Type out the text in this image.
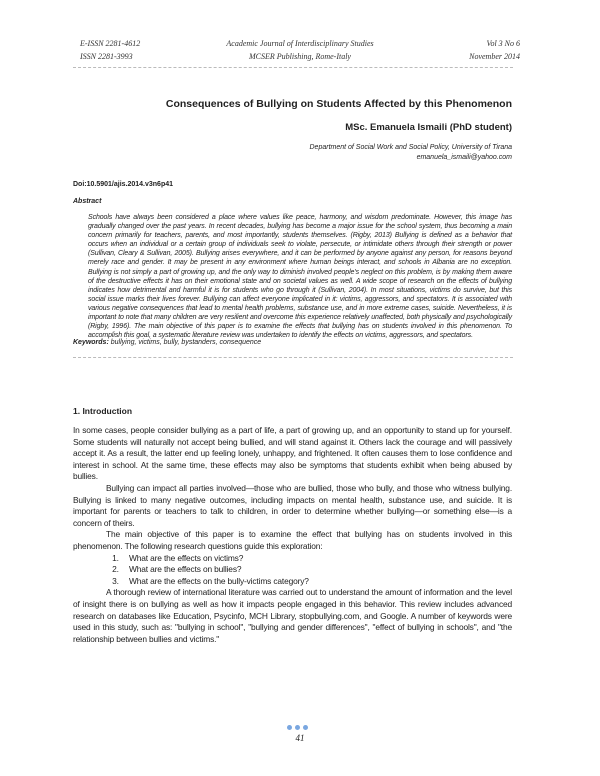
E-ISSN 2281-4612
ISSN 2281-3993
Academic Journal of Interdisciplinary Studies
MCSER Publishing, Rome-Italy
Vol 3 No 6
November 2014
Consequences of Bullying on Students Affected by this Phenomenon
MSc. Emanuela Ismaili (PhD student)
Department of Social Work and Social Policy, University of Tirana
emanuela_ismaili@yahoo.com
Doi:10.5901/ajis.2014.v3n6p41
Abstract
Schools have always been considered a place where values like peace, harmony, and wisdom predominate. However, this image has gradually changed over the past years. In recent decades, bullying has become a major issue for the school system, thus becoming a main concern primarily for teachers, parents, and most importantly, students themselves. (Rigby, 2013) Bullying is defined as a behavior that occurs when an individual or a certain group of individuals seek to violate, persecute, or intimidate others through their strength or power (Sullivan, Cleary & Sullivan, 2005). Bullying arises everywhere, and it can be performed by anyone against any person, for reasons beyond merely race and gender. It may be present in any environment where human beings interact, and schools in Albania are no exception. Bullying is not simply a part of growing up, and the only way to diminish involved people's neglect on this problem, is by making them aware of the destructive effects it has on their emotional state and on societal values as well. A wide scope of research on the effects of bullying indicates how detrimental and harmful it is for students who go through it (Sullivan, 2004). In most situations, victims do survive, but this social issue marks their lives forever. Bullying can affect everyone implicated in it: victims, aggressors, and spectators. It is associated with various negative consequences that lead to mental health problems, substance use, and in more extreme cases, suicide. Nevertheless, it is important to note that many children are very resilient and overcome this experience relatively unaffected, both physically and psychologically (Rigby, 1996). The main objective of this paper is to examine the effects that bullying has on students involved in this phenomenon. To accomplish this goal, a systematic literature review was undertaken to identify the effects on victims, aggressors, and spectators.
Keywords: bullying, victims, bully, bystanders, consequence
1. Introduction

In some cases, people consider bullying as a part of life, a part of growing up, and an opportunity to stand up for yourself. Some students will naturally not accept being bullied, and will stand against it. Others lack the courage and will passively accept it. As a result, the latter end up feeling lonely, unhappy, and frightened. It often causes them to lose confidence and interest in school. At the same time, these effects may also be symptoms that students exhibit when being abused by bullies.

Bullying can impact all parties involved—those who are bullied, those who bully, and those who witness bullying. Bullying is linked to many negative outcomes, including impacts on mental health, substance use, and suicide. It is important for parents or teachers to talk to children, in order to determine whether bullying—or something else—is a concern of theirs.

The main objective of this paper is to examine the effect that bullying has on students involved in this phenomenon. The following research questions guide this exploration:

1. What are the effects on victims?
2. What are the effects on bullies?
3. What are the effects on the bully-victims category?

A thorough review of international literature was carried out to understand the amount of information and the level of insight there is on bullying as well as how it impacts people engaged in this behavior. This review includes advanced research on databases like Education, Psycinfo, MCH Library, stopbullying.com, and Google. A number of keywords were used in this study, such as: "bullying in school", "bullying and gender differences", "effect of bullying in schools", and "the relationship between bullies and victims."

41
